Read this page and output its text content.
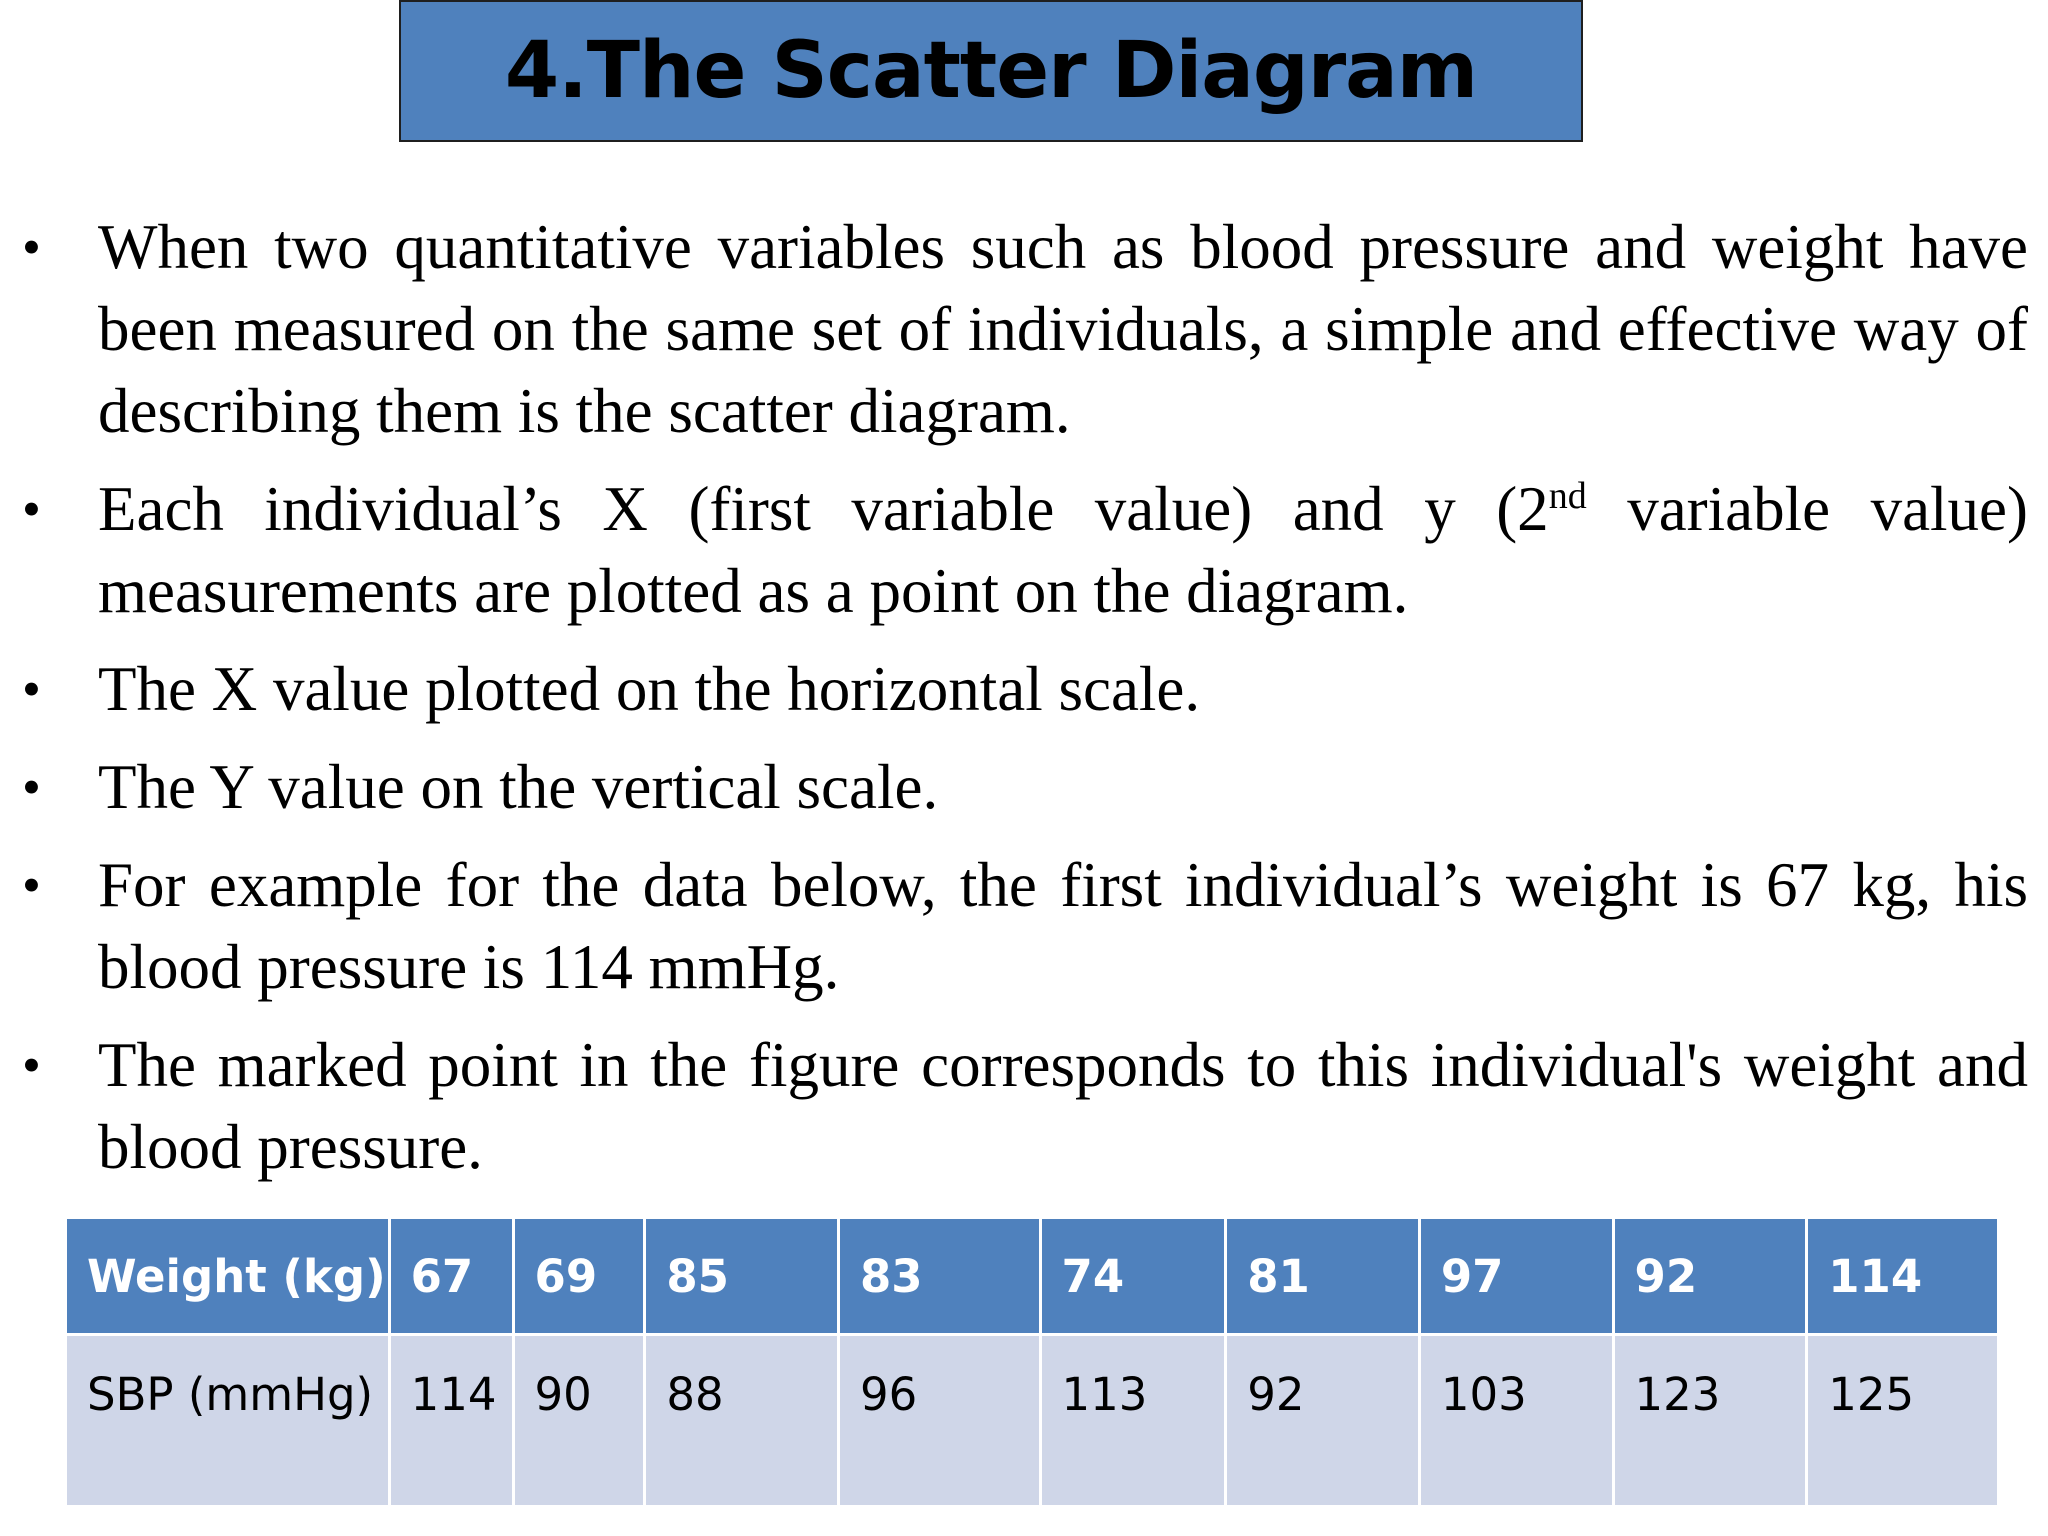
4.The Scatter Diagram
• When two quantitative variables such as blood pressure and weight have been measured on the same set of individuals, a simple and effective way of describing them is the scatter diagram.
• Each individual’s X (first variable value) and y (2nd variable value) measurements are plotted as a point on the diagram.
• The X value plotted on the horizontal scale.
• The Y value on the vertical scale.
• For example for the data below, the first individual’s weight is 67 kg, his blood pressure is 114 mmHg.
• The marked point in the figure corresponds to this individual's weight and blood pressure.
Weight (kg)	67	69	85	83	74	81	97	92	114
SBP (mmHg)	114	90	88	96	113	92	103	123	125
